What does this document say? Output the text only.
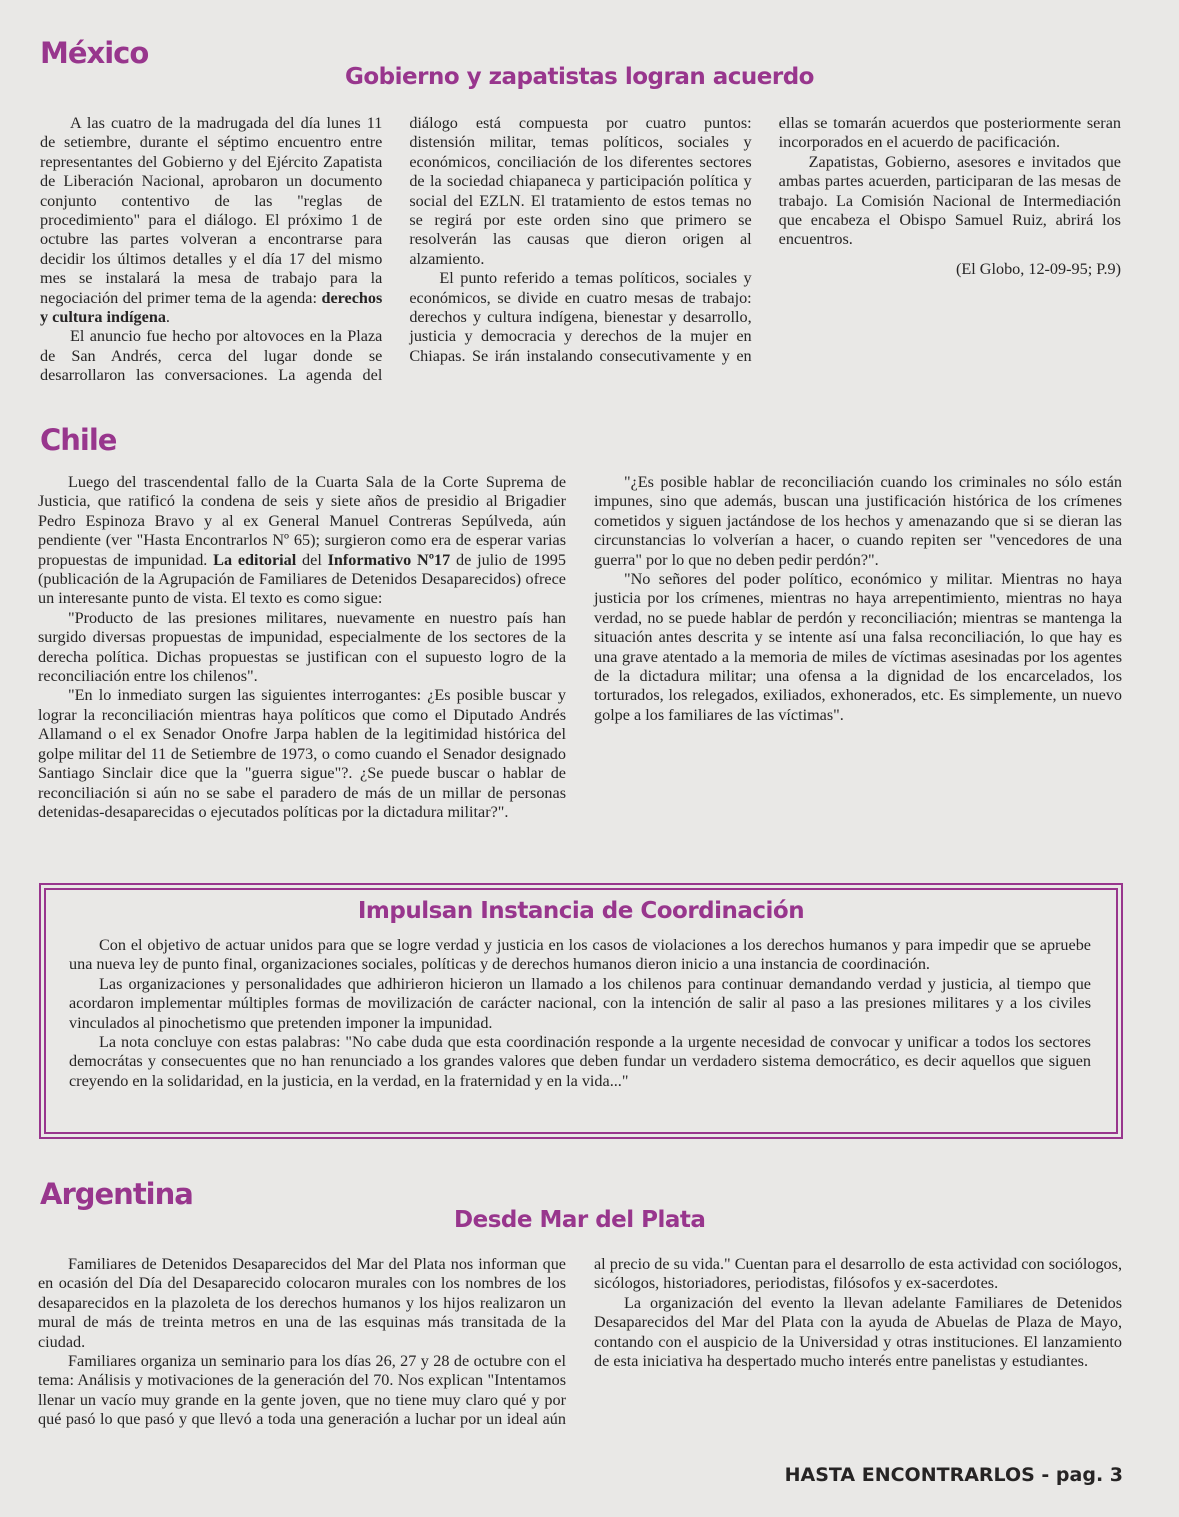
México
Gobierno y zapatistas logran acuerdo

A las cuatro de la madrugada del día lunes 11 de setiembre, durante el séptimo encuentro entre representantes del Gobierno y del Ejército Zapatista de Liberación Nacional, aprobaron un documento conjunto contentivo de las "reglas de procedimiento" para el diálogo. El próximo 1 de octubre las partes volveran a encontrarse para decidir los últimos detalles y el día 17 del mismo mes se instalará la mesa de trabajo para la negociación del primer tema de la agenda: derechos y cultura indígena.

El anuncio fue hecho por altovoces en la Plaza de San Andrés, cerca del lugar donde se desarrollaron las conversaciones. La agenda del diálogo está compuesta por cuatro puntos: distensión militar, temas políticos, sociales y económicos, conciliación de los diferentes sectores de la sociedad chiapaneca y participación política y social del EZLN. El tratamiento de estos temas no se regirá por este orden sino que primero se resolverán las causas que dieron origen al alzamiento.

El punto referido a temas políticos, sociales y económicos, se divide en cuatro mesas de trabajo: derechos y cultura indígena, bienestar y desarrollo, justicia y democracia y derechos de la mujer en Chiapas. Se irán instalando consecutivamente y en ellas se tomarán acuerdos que posteriormente seran incorporados en el acuerdo de pacificación.

Zapatistas, Gobierno, asesores e invitados que ambas partes acuerden, participaran de las mesas de trabajo. La Comisión Nacional de Intermediación que encabeza el Obispo Samuel Ruiz, abrirá los encuentros.

(El Globo, 12-09-95; P.9)

Chile

Luego del trascendental fallo de la Cuarta Sala de la Corte Suprema de Justicia, que ratificó la condena de seis y siete años de presidio al Brigadier Pedro Espinoza Bravo y al ex General Manuel Contreras Sepúlveda, aún pendiente (ver "Hasta Encontrarlos Nº 65); surgieron como era de esperar varias propuestas de impunidad. La editorial del Informativo Nº17 de julio de 1995 (publicación de la Agrupación de Familiares de Detenidos Desaparecidos) ofrece un interesante punto de vista. El texto es como sigue:

"Producto de las presiones militares, nuevamente en nuestro país han surgido diversas propuestas de impunidad, especialmente de los sectores de la derecha política. Dichas propuestas se justifican con el supuesto logro de la reconciliación entre los chilenos".

"En lo inmediato surgen las siguientes interrogantes: ¿Es posible buscar y lograr la reconciliación mientras haya políticos que como el Diputado Andrés Allamand o el ex Senador Onofre Jarpa hablen de la legitimidad histórica del golpe militar del 11 de Setiembre de 1973, o como cuando el Senador designado Santiago Sinclair dice que la "guerra sigue"?. ¿Se puede buscar o hablar de reconciliación si aún no se sabe el paradero de más de un millar de personas detenidas-desaparecidas o ejecutados políticas por la dictadura militar?".

"¿Es posible hablar de reconciliación cuando los criminales no sólo están impunes, sino que además, buscan una justificación histórica de los crímenes cometidos y siguen jactándose de los hechos y amenazando que si se dieran las circunstancias lo volverían a hacer, o cuando repiten ser "vencedores de una guerra" por lo que no deben pedir perdón?".

"No señores del poder político, económico y militar. Mientras no haya justicia por los crímenes, mientras no haya arrepentimiento, mientras no haya verdad, no se puede hablar de perdón y reconciliación; mientras se mantenga la situación antes descrita y se intente así una falsa reconciliación, lo que hay es una grave atentado a la memoria de miles de víctimas asesinadas por los agentes de la dictadura militar; una ofensa a la dignidad de los encarcelados, los torturados, los relegados, exiliados, exhonerados, etc. Es simplemente, un nuevo golpe a los familiares de las víctimas".

Impulsan Instancia de Coordinación

Con el objetivo de actuar unidos para que se logre verdad y justicia en los casos de violaciones a los derechos humanos y para impedir que se apruebe una nueva ley de punto final, organizaciones sociales, políticas y de derechos humanos dieron inicio a una instancia de coordinación.

Las organizaciones y personalidades que adhirieron hicieron un llamado a los chilenos para continuar demandando verdad y justicia, al tiempo que acordaron implementar múltiples formas de movilización de carácter nacional, con la intención de salir al paso a las presiones militares y a los civiles vinculados al pinochetismo que pretenden imponer la impunidad.

La nota concluye con estas palabras: "No cabe duda que esta coordinación responde a la urgente necesidad de convocar y unificar a todos los sectores democrátas y consecuentes que no han renunciado a los grandes valores que deben fundar un verdadero sistema democrático, es decir aquellos que siguen creyendo en la solidaridad, en la justicia, en la verdad, en la fraternidad y en la vida..."

Argentina
Desde Mar del Plata

Familiares de Detenidos Desaparecidos del Mar del Plata nos informan que en ocasión del Día del Desaparecido colocaron murales con los nombres de los desaparecidos en la plazoleta de los derechos humanos y los hijos realizaron un mural de más de treinta metros en una de las esquinas más transitada de la ciudad.

Familiares organiza un seminario para los días 26, 27 y 28 de octubre con el tema: Análisis y motivaciones de la generación del 70. Nos explican "Intentamos llenar un vacío muy grande en la gente joven, que no tiene muy claro qué y por qué pasó lo que pasó y que llevó a toda una generación a luchar por un ideal aún al precio de su vida." Cuentan para el desarrollo de esta actividad con sociólogos, sicólogos, historiadores, periodistas, filósofos y ex-sacerdotes.

La organización del evento la llevan adelante Familiares de Detenidos Desaparecidos del Mar del Plata con la ayuda de Abuelas de Plaza de Mayo, contando con el auspicio de la Universidad y otras instituciones. El lanzamiento de esta iniciativa ha despertado mucho interés entre panelistas y estudiantes.

HASTA ENCONTRARLOS - pag. 3
